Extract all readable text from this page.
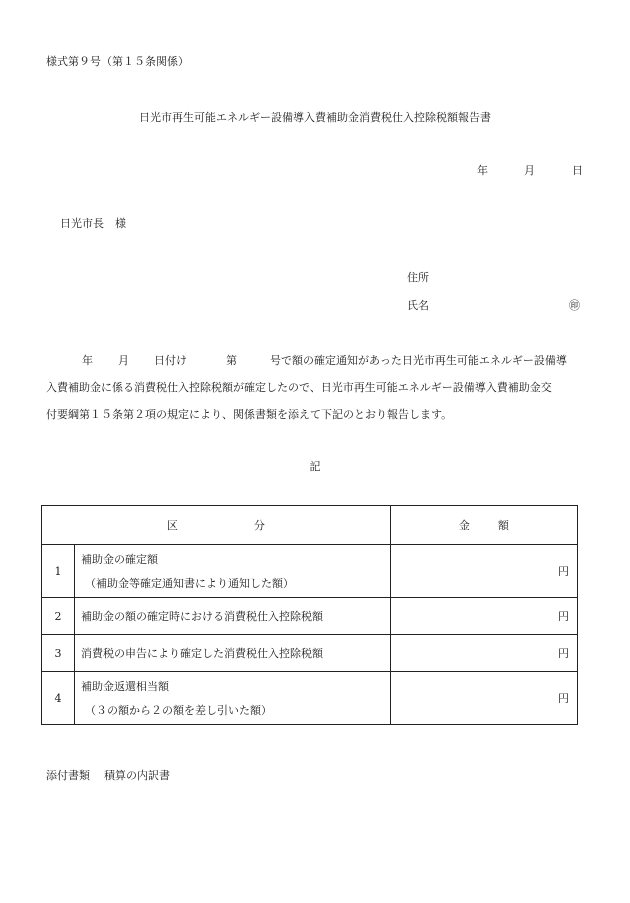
様式第９号（第１５条関係）
日光市再生可能エネルギー設備導入費補助金消費税仕入控除税額報告書
年	月	日
日光市長　様
住所
氏名	㊞
年 月 日付け	第	号で額の確定通知があった日光市再生可能エネルギー設備導
入費補助金に係る消費税仕入控除税額が確定したので、日光市再生可能エネルギー設備導入費補助金交
付要綱第１５条第２項の規定により、関係書類を添えて下記のとおり報告します。
記
区 分		金 額

1	補助金の確定額
（補助金等確定通知書により通知した額）	円
2	補助金の額の確定時における消費税仕入控除税額	円
3	消費税の申告により確定した消費税仕入控除税額	円
4	補助金返還相当額
（３の額から２の額を差し引いた額）	円
添付書類 積算の内訳書
